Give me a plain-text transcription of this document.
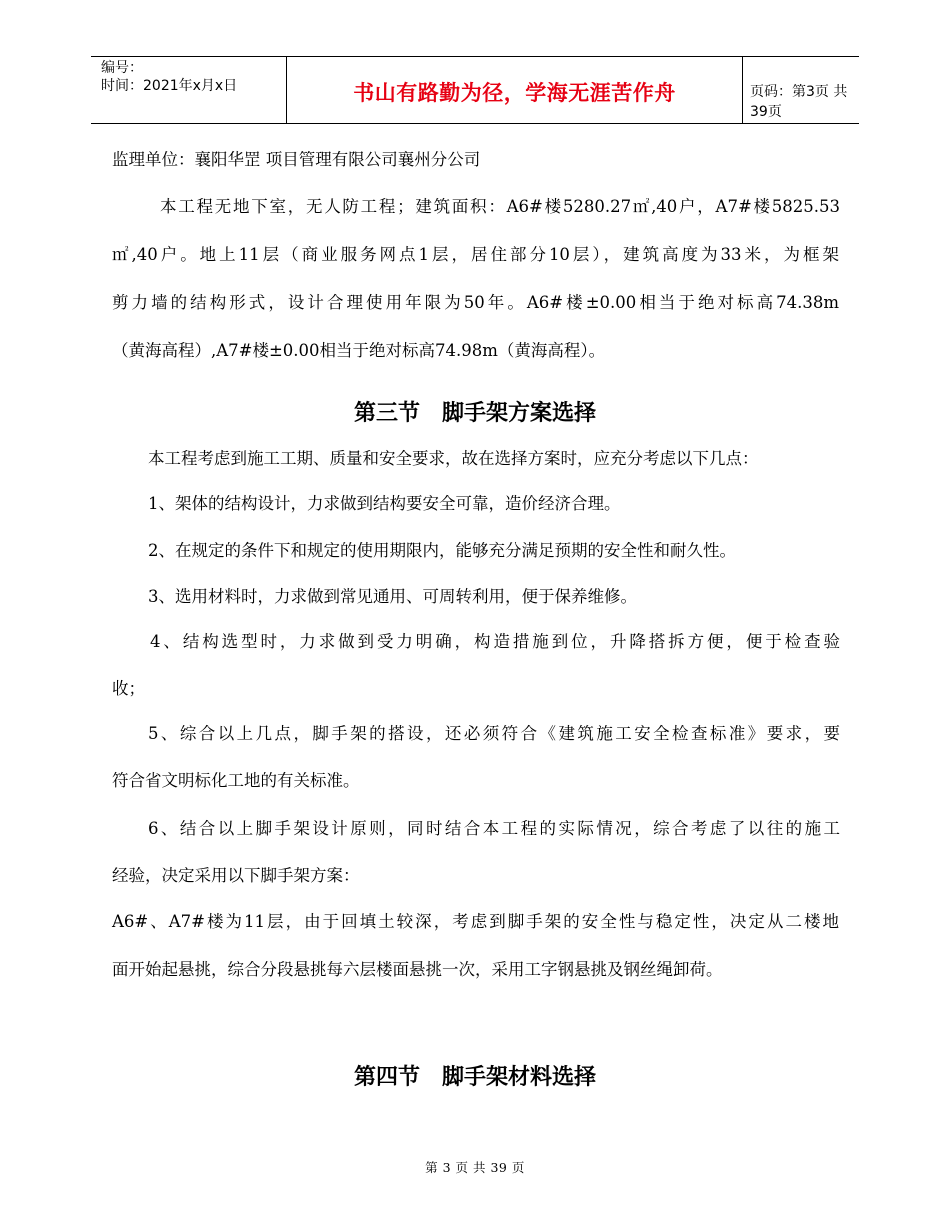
编号：
时间：2021年x月x日	书山有路勤为径，学海无涯苦作舟	页码：第3页 共39页
监理单位：襄阳华罡 项目管理有限公司襄州分公司
本工程无地下室，无人防工程；建筑面积：A6#楼5280.27㎡,40户，A7#楼5825.53
㎡,40户。地上11层（商业服务网点1层，居住部分10层），建筑高度为33米，为框架
剪力墙的结构形式，设计合理使用年限为50年。A6#楼±0.00相当于绝对标高74.38m
（黄海高程）,A7#楼±0.00相当于绝对标高74.98m（黄海高程）。
第三节 脚手架方案选择
本工程考虑到施工工期、质量和安全要求，故在选择方案时，应充分考虑以下几点：
1、架体的结构设计，力求做到结构要安全可靠，造价经济合理。
2、在规定的条件下和规定的使用期限内，能够充分满足预期的安全性和耐久性。
3、选用材料时，力求做到常见通用、可周转利用，便于保养维修。
4、结构选型时，力求做到受力明确，构造措施到位，升降搭拆方便，便于检查验
收；
5、综合以上几点，脚手架的搭设，还必须符合《建筑施工安全检查标准》要求，要
符合省文明标化工地的有关标准。
6、结合以上脚手架设计原则，同时结合本工程的实际情况，综合考虑了以往的施工
经验，决定采用以下脚手架方案：
A6#、A7#楼为11层，由于回填土较深，考虑到脚手架的安全性与稳定性，决定从二楼地
面开始起悬挑，综合分段悬挑每六层楼面悬挑一次，采用工字钢悬挑及钢丝绳卸荷。
第四节 脚手架材料选择
第 3 页 共 39 页
